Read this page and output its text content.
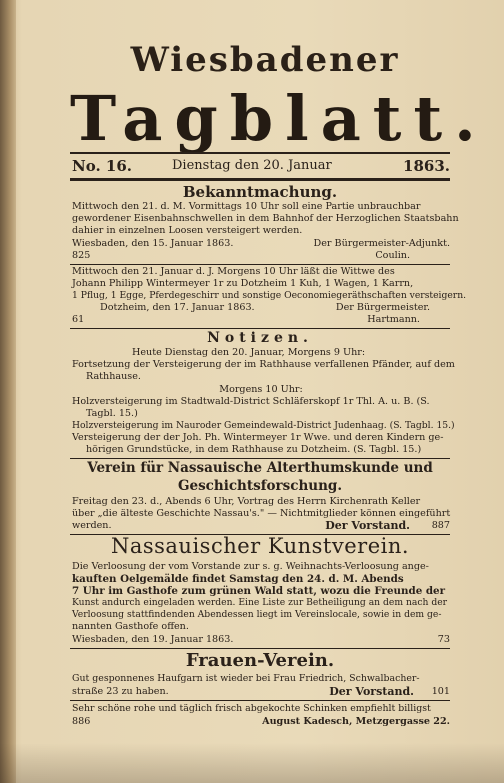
Wiesbadener
Tagblatt.
No. 16.	Dienstag den 20. Januar	1863.
Bekanntmachung.
Mittwoch den 21. d. M. Vormittags 10 Uhr soll eine Partie unbrauchbar
gewordener Eisenbahnschwellen in dem Bahnhof der Herzoglichen Staatsbahn
dahier in einzelnen Loosen versteigert werden.
Wiesbaden, den 15. Januar 1863.	Der Bürgermeister-Adjunkt.
825	Coulin.
Mittwoch den 21. Januar d. J. Morgens 10 Uhr läßt die Wittwe des
Johann Philipp Wintermeyer 1r zu Dotzheim 1 Kuh, 1 Wagen, 1 Karrn,
1 Pflug, 1 Egge, Pferdegeschirr und sonstige Oeconomiegeräthschaften versteigern.
Dotzheim, den 17. Januar 1863.	Der Bürgermeister.
61	Hartmann.
Notizen.
Heute Dienstag den 20. Januar, Morgens 9 Uhr:
Fortsetzung der Versteigerung der im Rathhause verfallenen Pfänder, auf dem
Rathhause.
Morgens 10 Uhr:
Holzversteigerung im Stadtwald-District Schläferskopf 1r Thl. A. u. B. (S.
Tagbl. 15.)
Holzversteigerung im Nauroder Gemeindewald-District Judenhaag. (S. Tagbl. 15.)
Versteigerung der der Joh. Ph. Wintermeyer 1r Wwe. und deren Kindern ge-
hörigen Grundstücke, in dem Rathhause zu Dotzheim. (S. Tagbl. 15.)
Verein für Nassauische Alterthumskunde und
Geschichtsforschung.
Freitag den 23. d., Abends 6 Uhr, Vortrag des Herrn Kirchenrath Keller
über „die älteste Geschichte Nassau's." — Nichtmitglieder können eingeführt
werden.	Der Vorstand. 887
Nassauischer Kunstverein.
Die Verloosung der vom Vorstande zur s. g. Weihnachts-Verloosung ange-
kauften Oelgemälde findet Samstag den 24. d. M. Abends
7 Uhr im Gasthofe zum grünen Wald statt, wozu die Freunde der
Kunst andurch eingeladen werden. Eine Liste zur Betheiligung an dem nach der
Verloosung stattfindenden Abendessen liegt im Vereinslocale, sowie in dem ge-
nannten Gasthofe offen.
Wiesbaden, den 19. Januar 1863.	73
Frauen-Verein.
Gut gesponnenes Haufgarn ist wieder bei Frau Friedrich, Schwalbacher-
straße 23 zu haben.	Der Vorstand. 101
Sehr schöne rohe und täglich frisch abgekochte Schinken empfiehlt billigst
886	August Kadesch, Metzgergasse 22.
